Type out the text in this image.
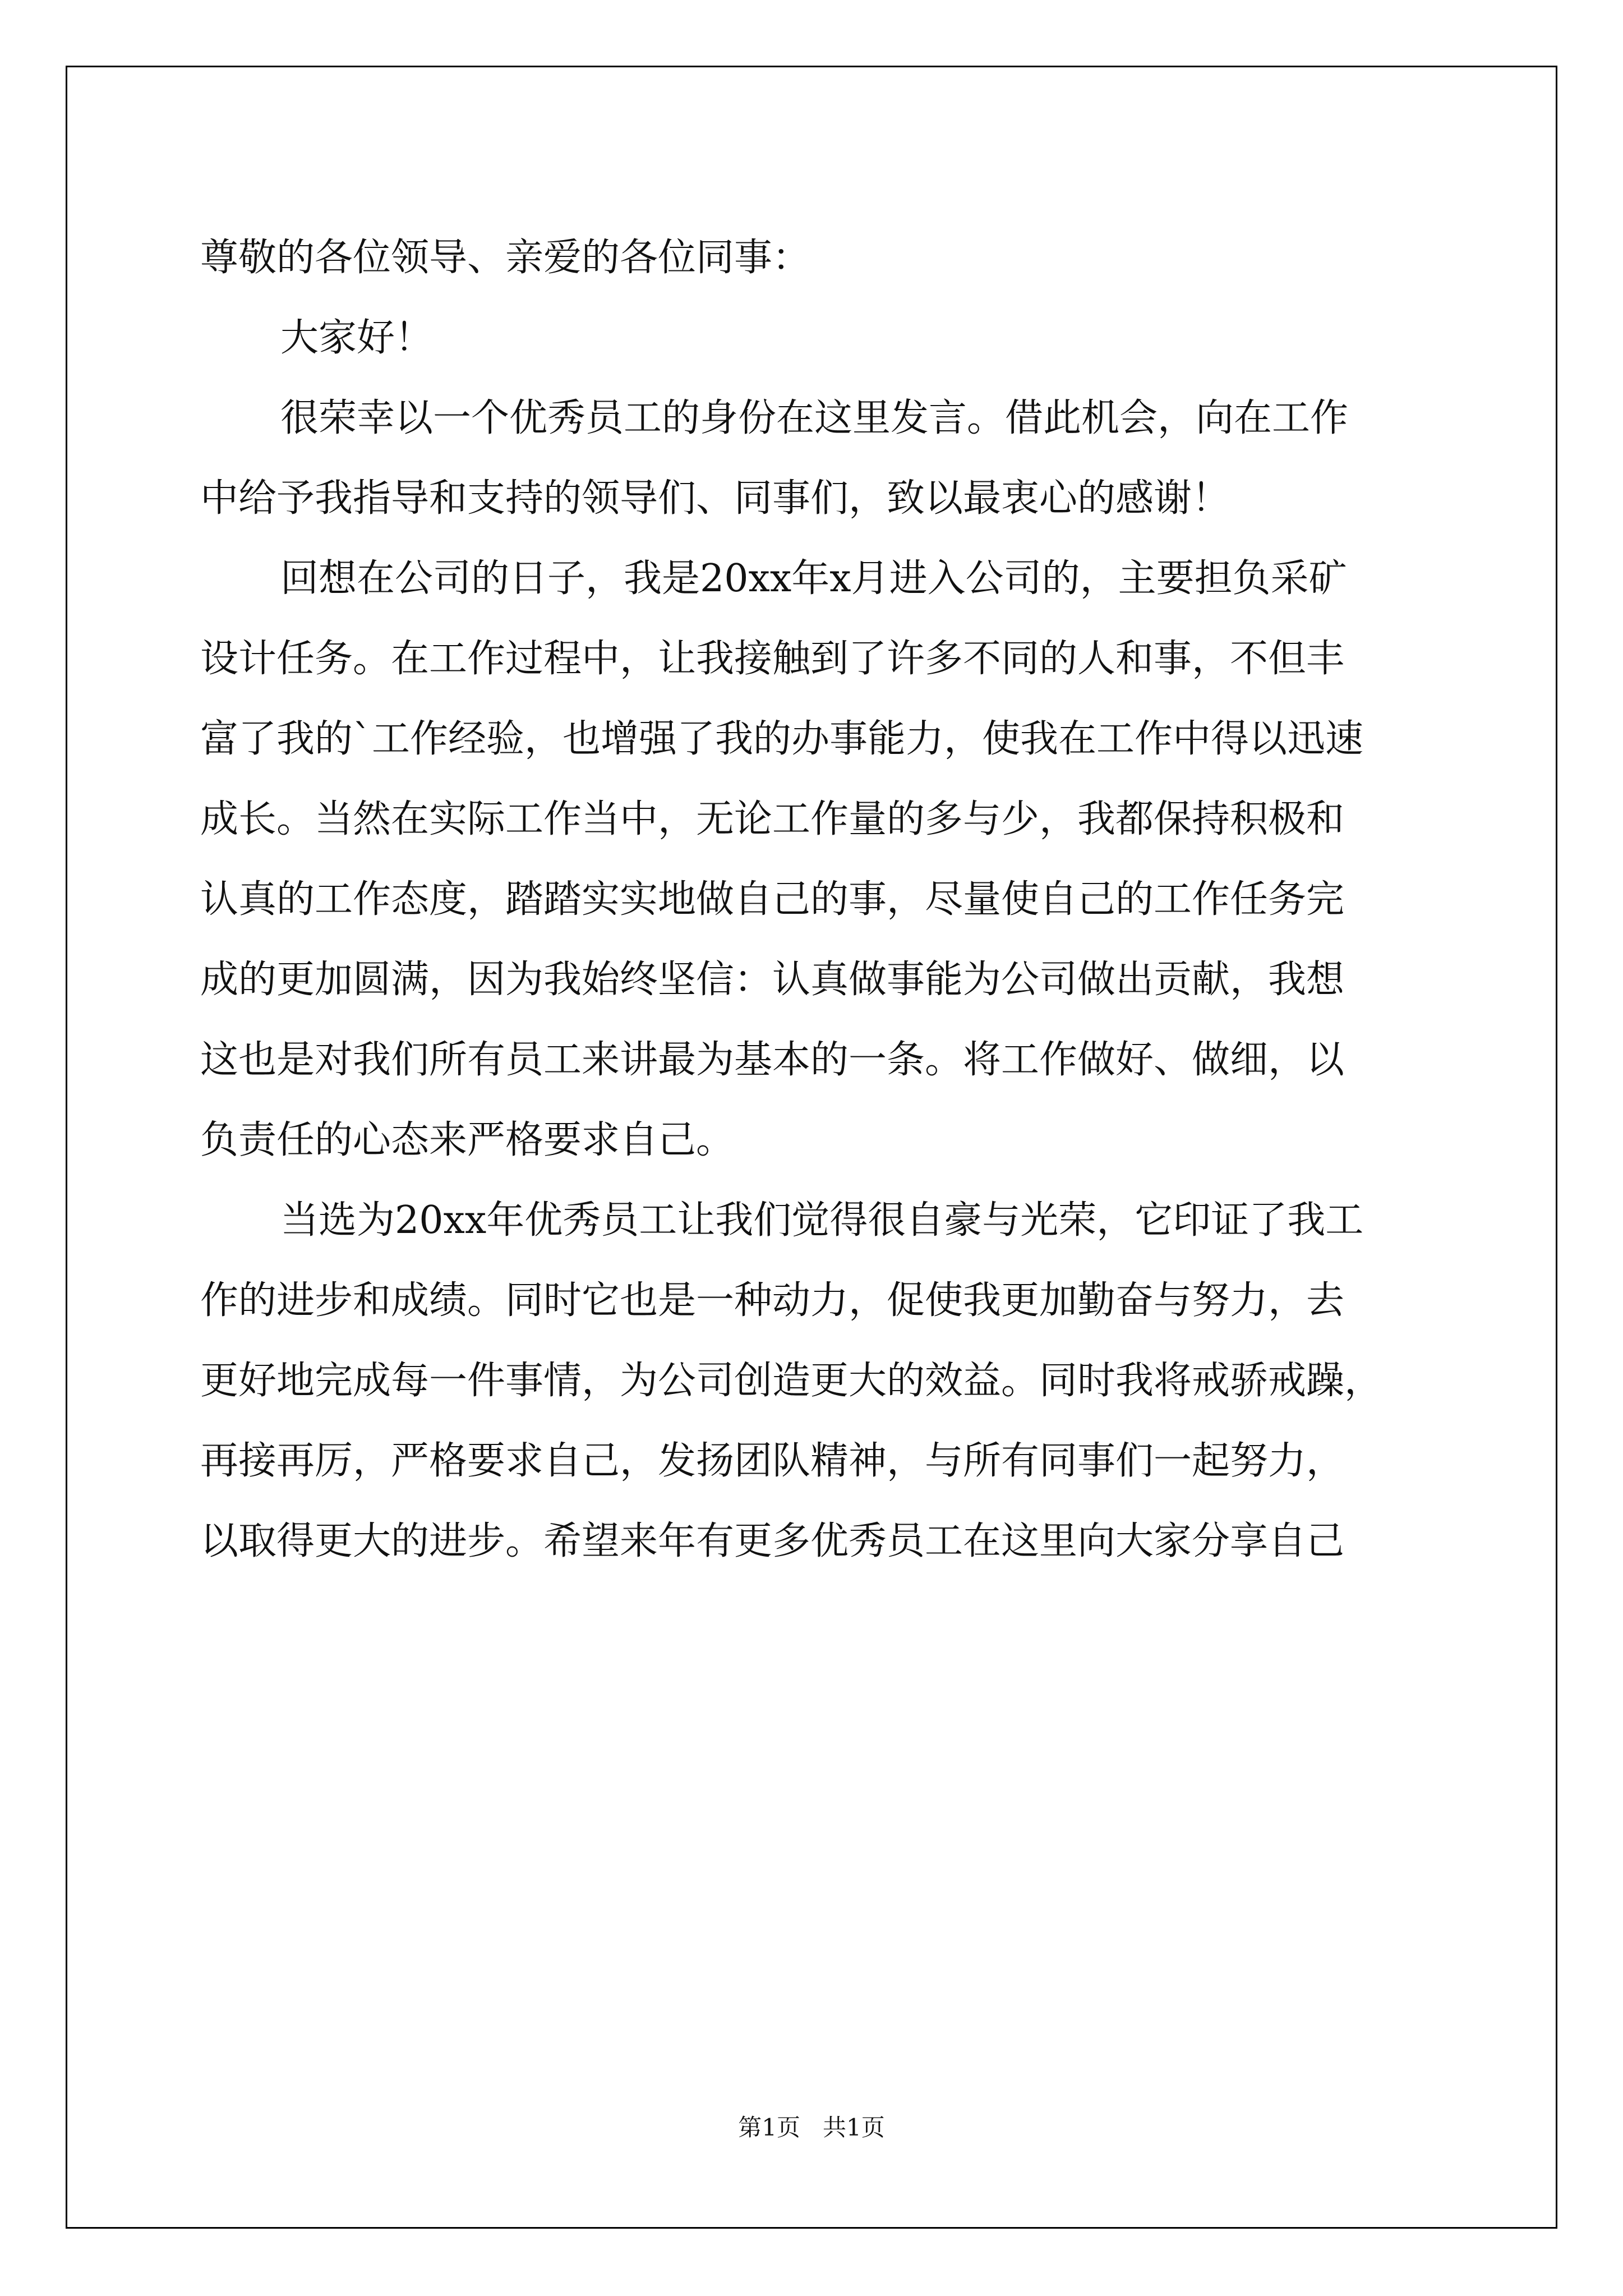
尊敬的各位领导、亲爱的各位同事：

大家好！

很荣幸以一个优秀员工的身份在这里发言。借此机会，向在工作

中给予我指导和支持的领导们、同事们，致以最衷心的感谢！

回想在公司的日子，我是20xx年x月进入公司的，主要担负采矿

设计任务。在工作过程中，让我接触到了许多不同的人和事，不但丰

富了我的`工作经验，也增强了我的办事能力，使我在工作中得以迅速

成长。当然在实际工作当中，无论工作量的多与少，我都保持积极和

认真的工作态度，踏踏实实地做自己的事，尽量使自己的工作任务完

成的更加圆满，因为我始终坚信：认真做事能为公司做出贡献，我想

这也是对我们所有员工来讲最为基本的一条。将工作做好、做细，以

负责任的心态来严格要求自己。

当选为20xx年优秀员工让我们觉得很自豪与光荣，它印证了我工

作的进步和成绩。同时它也是一种动力，促使我更加勤奋与努力，去

更好地完成每一件事情，为公司创造更大的效益。同时我将戒骄戒躁，

再接再厉，严格要求自己，发扬团队精神，与所有同事们一起努力，

以取得更大的进步。希望来年有更多优秀员工在这里向大家分享自己

第1页 共1页
